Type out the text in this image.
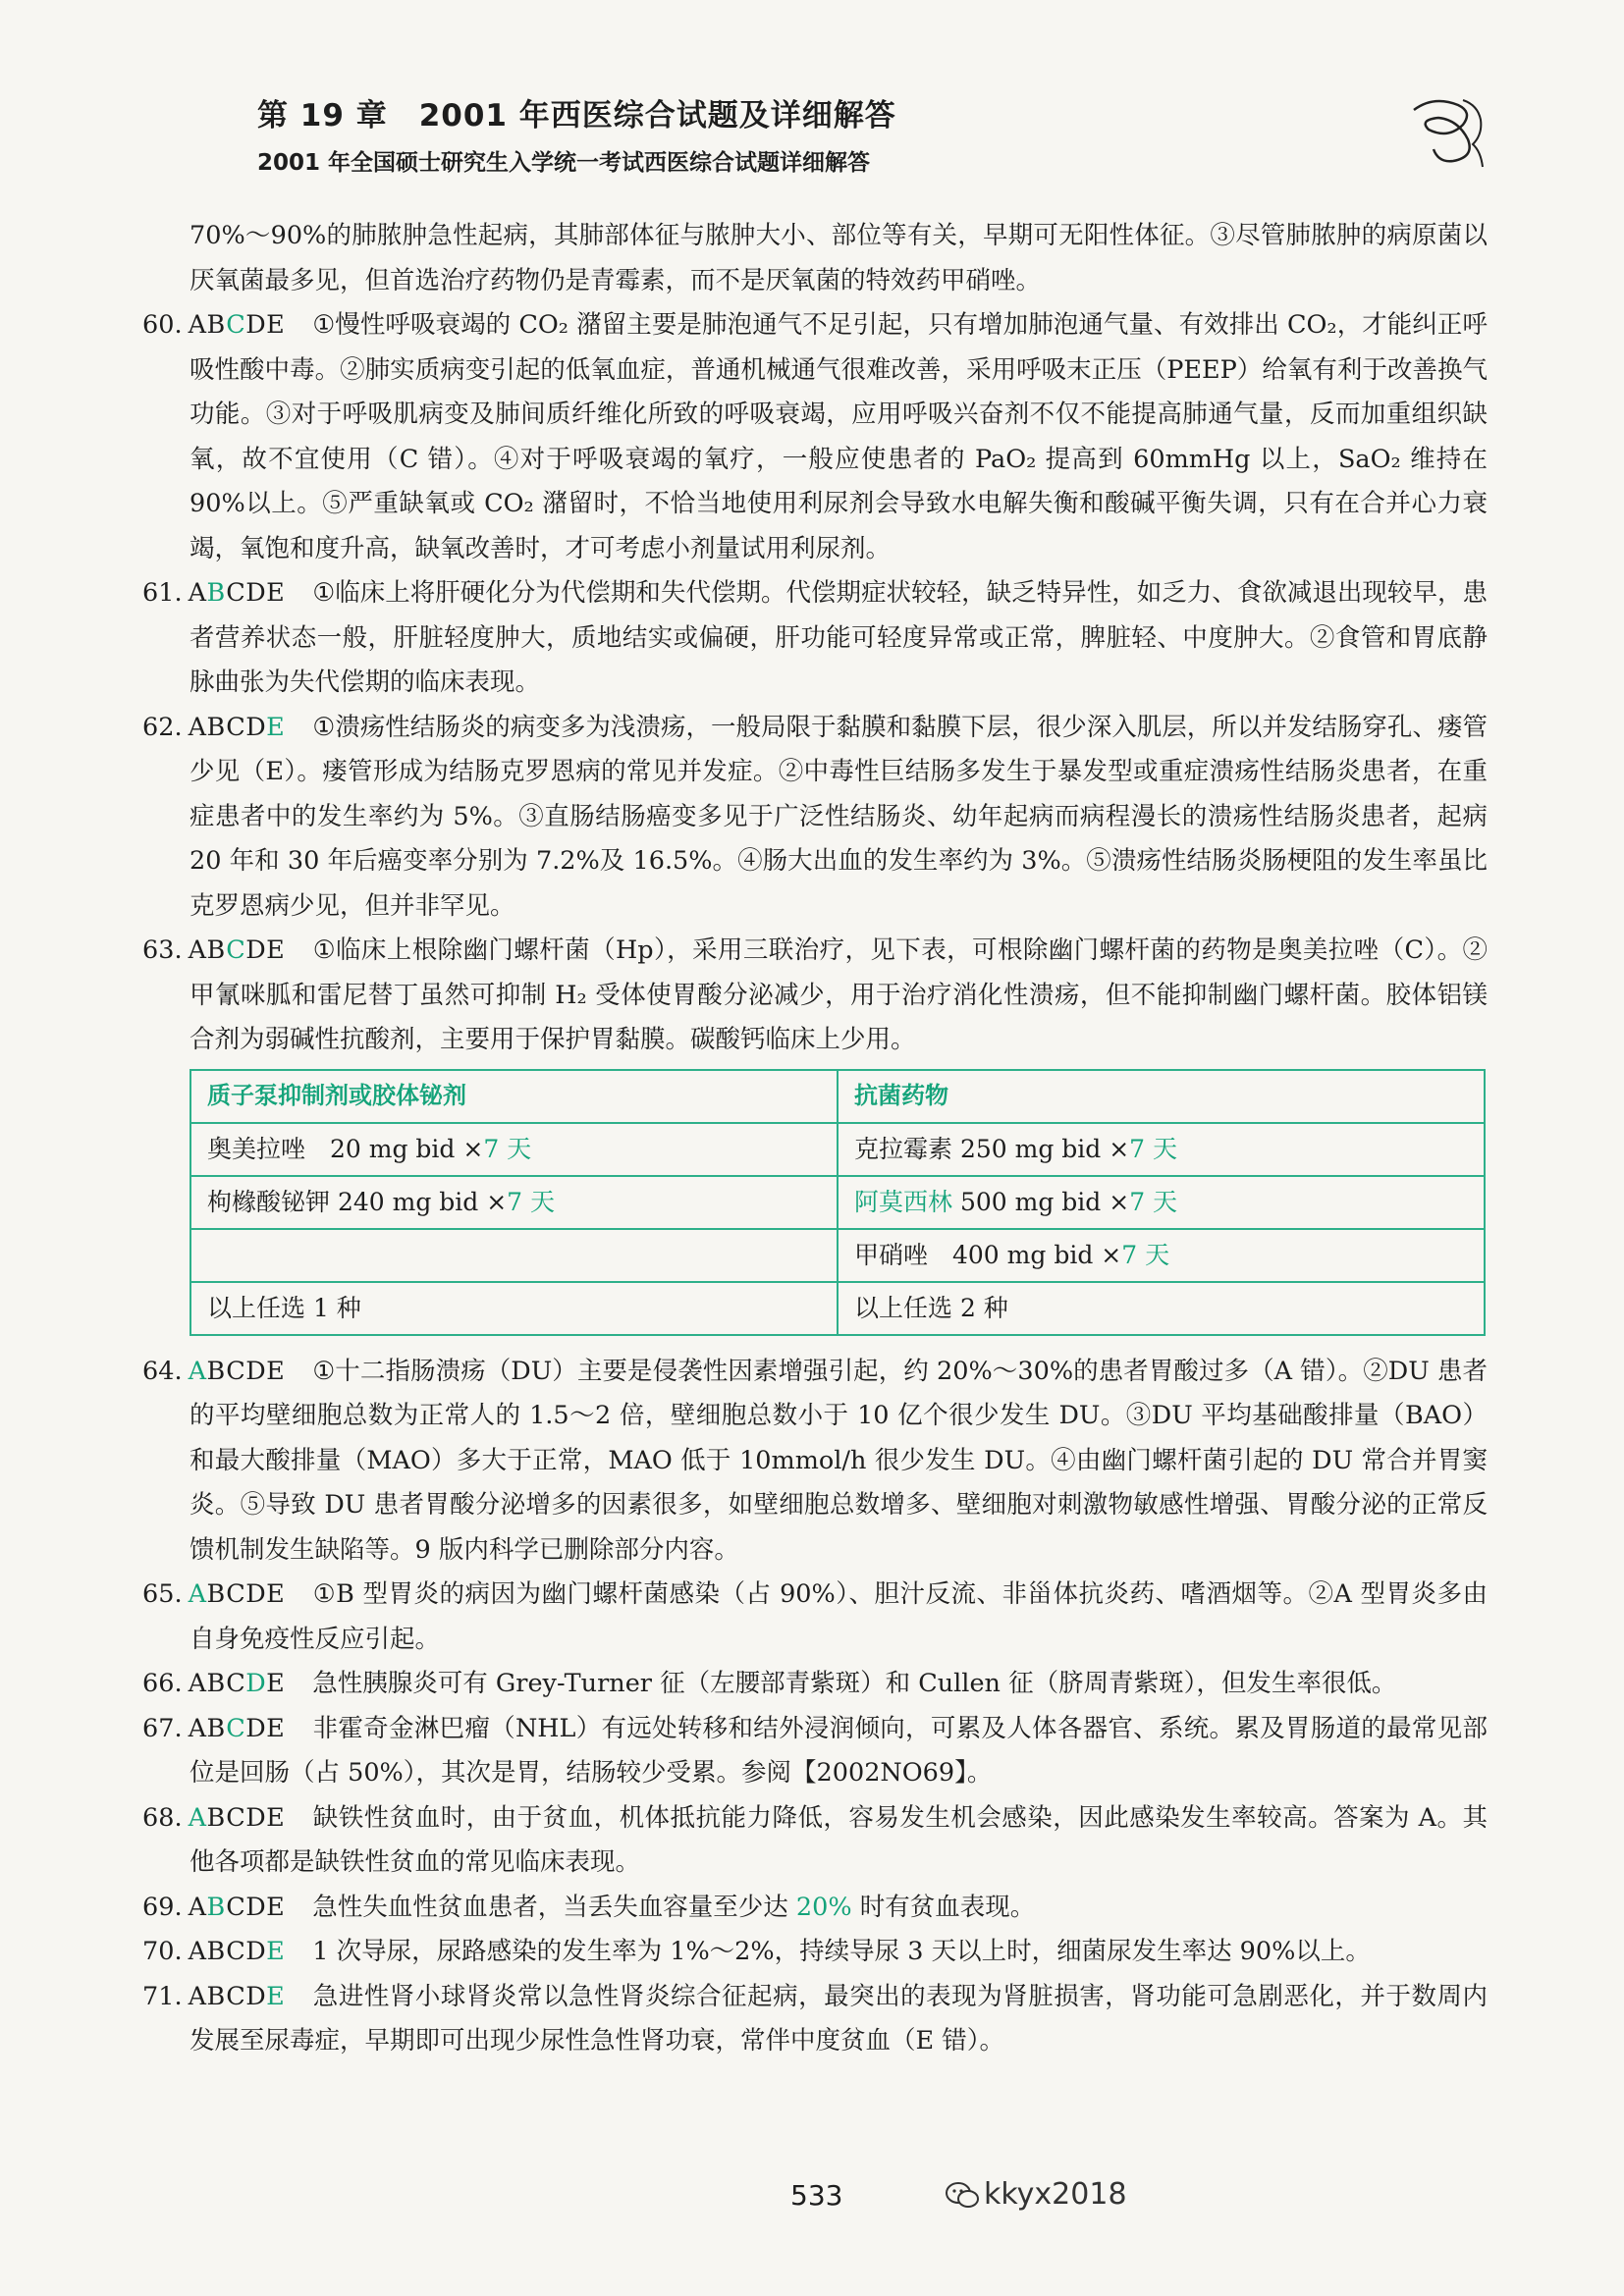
第 19 章　2001 年西医综合试题及详细解答
2001 年全国硕士研究生入学统一考试西医综合试题详细解答

70%～90%的肺脓肿急性起病，其肺部体征与脓肿大小、部位等有关，早期可无阳性体征。③尽管肺脓肿的病原菌以厌氧菌最多见，但首选治疗药物仍是青霉素，而不是厌氧菌的特效药甲硝唑。

60. ABCDE ①慢性呼吸衰竭的 CO₂ 潴留主要是肺泡通气不足引起，只有增加肺泡通气量、有效排出 CO₂，才能纠正呼吸性酸中毒。②肺实质病变引起的低氧血症，普通机械通气很难改善，采用呼吸末正压（PEEP）给氧有利于改善换气功能。③对于呼吸肌病变及肺间质纤维化所致的呼吸衰竭，应用呼吸兴奋剂不仅不能提高肺通气量，反而加重组织缺氧，故不宜使用（C 错）。④对于呼吸衰竭的氧疗，一般应使患者的 PaO₂ 提高到 60mmHg 以上，SaO₂ 维持在 90%以上。⑤严重缺氧或 CO₂ 潴留时，不恰当地使用利尿剂会导致水电解失衡和酸碱平衡失调，只有在合并心力衰竭，氧饱和度升高，缺氧改善时，才可考虑小剂量试用利尿剂。

61. ABCDE ①临床上将肝硬化分为代偿期和失代偿期。代偿期症状较轻，缺乏特异性，如乏力、食欲减退出现较早，患者营养状态一般，肝脏轻度肿大，质地结实或偏硬，肝功能可轻度异常或正常，脾脏轻、中度肿大。②食管和胃底静脉曲张为失代偿期的临床表现。

62. ABCDE ①溃疡性结肠炎的病变多为浅溃疡，一般局限于黏膜和黏膜下层，很少深入肌层，所以并发结肠穿孔、瘘管少见（E）。瘘管形成为结肠克罗恩病的常见并发症。②中毒性巨结肠多发生于暴发型或重症溃疡性结肠炎患者，在重症患者中的发生率约为 5%。③直肠结肠癌变多见于广泛性结肠炎、幼年起病而病程漫长的溃疡性结肠炎患者，起病 20 年和 30 年后癌变率分别为 7.2%及 16.5%。④肠大出血的发生率约为 3%。⑤溃疡性结肠炎肠梗阻的发生率虽比克罗恩病少见，但并非罕见。

63. ABCDE ①临床上根除幽门螺杆菌（Hp），采用三联治疗，见下表，可根除幽门螺杆菌的药物是奥美拉唑（C）。②甲氰咪胍和雷尼替丁虽然可抑制 H₂ 受体使胃酸分泌减少，用于治疗消化性溃疡，但不能抑制幽门螺杆菌。胶体铝镁合剂为弱碱性抗酸剂，主要用于保护胃黏膜。碳酸钙临床上少用。

质子泵抑制剂或胶体铋剂	抗菌药物
奥美拉唑　20 mg bid ×7 天	克拉霉素 250 mg bid ×7 天
枸橼酸铋钾 240 mg bid ×7 天	阿莫西林 500 mg bid ×7 天
	甲硝唑　400 mg bid ×7 天
以上任选 1 种	以上任选 2 种

64. ABCDE ①十二指肠溃疡（DU）主要是侵袭性因素增强引起，约 20%～30%的患者胃酸过多（A 错）。②DU 患者的平均壁细胞总数为正常人的 1.5～2 倍，壁细胞总数小于 10 亿个很少发生 DU。③DU 平均基础酸排量（BAO）和最大酸排量（MAO）多大于正常，MAO 低于 10mmol/h 很少发生 DU。④由幽门螺杆菌引起的 DU 常合并胃窦炎。⑤导致 DU 患者胃酸分泌增多的因素很多，如壁细胞总数增多、壁细胞对刺激物敏感性增强、胃酸分泌的正常反馈机制发生缺陷等。9 版内科学已删除部分内容。

65. ABCDE ①B 型胃炎的病因为幽门螺杆菌感染（占 90%）、胆汁反流、非甾体抗炎药、嗜酒烟等。②A 型胃炎多由自身免疫性反应引起。

66. ABCDE 急性胰腺炎可有 Grey-Turner 征（左腰部青紫斑）和 Cullen 征（脐周青紫斑），但发生率很低。

67. ABCDE 非霍奇金淋巴瘤（NHL）有远处转移和结外浸润倾向，可累及人体各器官、系统。累及胃肠道的最常见部位是回肠（占 50%），其次是胃，结肠较少受累。参阅【2002NO69】。

68. ABCDE 缺铁性贫血时，由于贫血，机体抵抗能力降低，容易发生机会感染，因此感染发生率较高。答案为 A。其他各项都是缺铁性贫血的常见临床表现。

69. ABCDE 急性失血性贫血患者，当丢失血容量至少达 20% 时有贫血表现。

70. ABCDE 1 次导尿，尿路感染的发生率为 1%～2%，持续导尿 3 天以上时，细菌尿发生率达 90%以上。

71. ABCDE 急进性肾小球肾炎常以急性肾炎综合征起病，最突出的表现为肾脏损害，肾功能可急剧恶化，并于数周内发展至尿毒症，早期即可出现少尿性急性肾功衰，常伴中度贫血（E 错）。

533	kkyx2018
